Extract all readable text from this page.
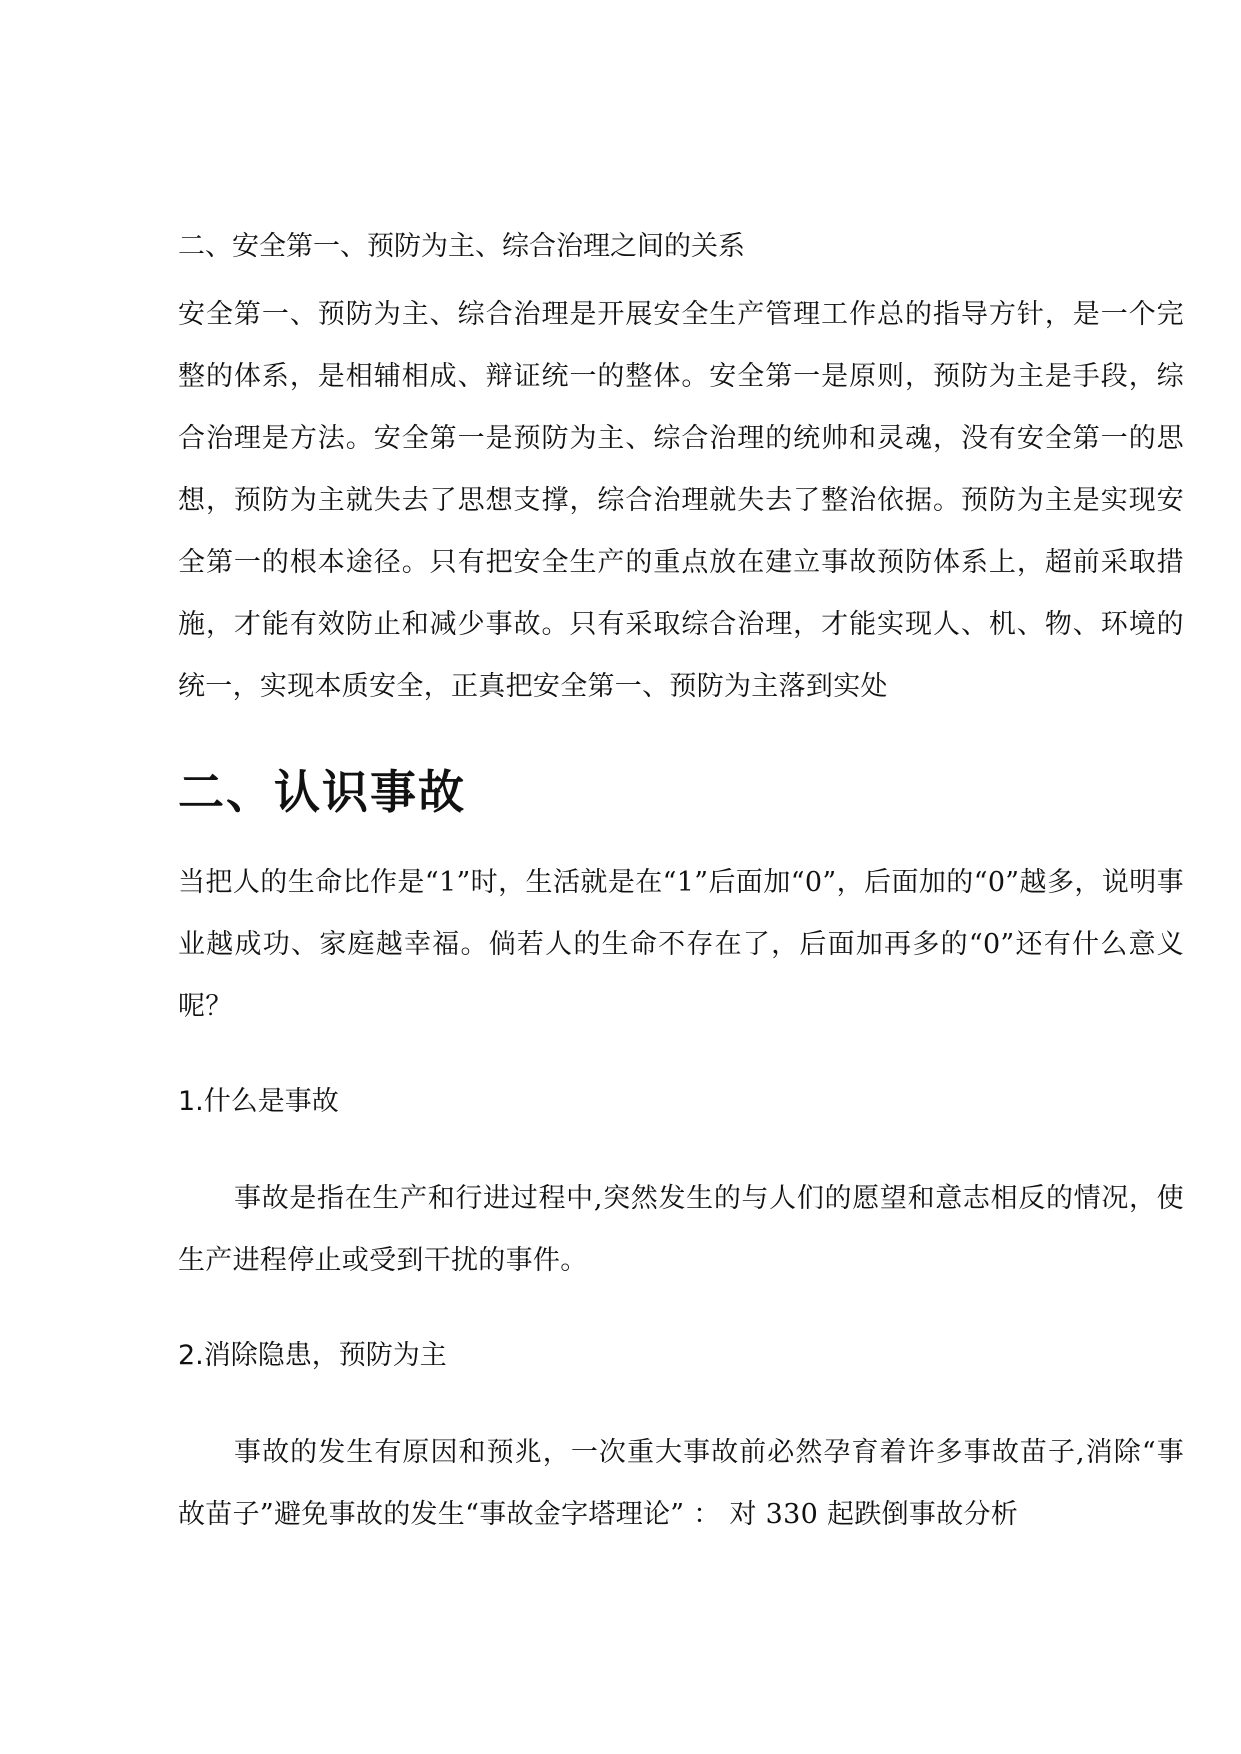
二、安全第一、预防为主、综合治理之间的关系

安全第一、预防为主、综合治理是开展安全生产管理工作总的指导方针，是一个完整的体系，是相辅相成、辩证统一的整体。安全第一是原则，预防为主是手段，综合治理是方法。安全第一是预防为主、综合治理的统帅和灵魂，没有安全第一的思想，预防为主就失去了思想支撑，综合治理就失去了整治依据。预防为主是实现安全第一的根本途径。只有把安全生产的重点放在建立事故预防体系上，超前采取措施，才能有效防止和减少事故。只有采取综合治理，才能实现人、机、物、环境的统一，实现本质安全，正真把安全第一、预防为主落到实处

二、认识事故

当把人的生命比作是“1”时，生活就是在“1”后面加“0”，后面加的“0”越多，说明事业越成功、家庭越幸福。倘若人的生命不存在了，后面加再多的“0”还有什么意义呢？

1.什么是事故

事故是指在生产和行进过程中,突然发生的与人们的愿望和意志相反的情况，使生产进程停止或受到干扰的事件。

2.消除隐患，预防为主

事故的发生有原因和预兆，一次重大事故前必然孕育着许多事故苗子,消除“事故苗子”避免事故的发生“事故金字塔理论” ： 对 330 起跌倒事故分析
